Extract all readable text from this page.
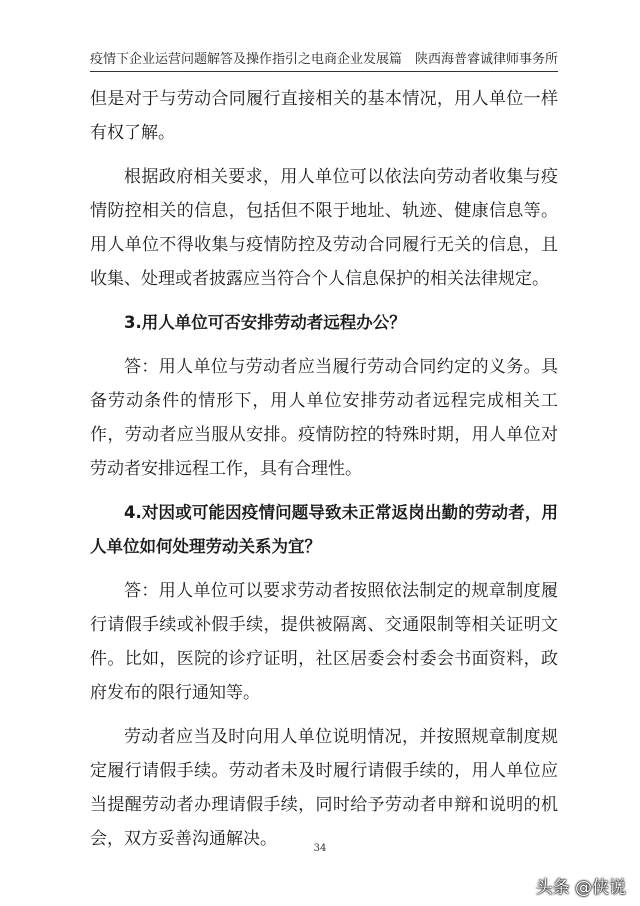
疫情下企业运营问题解答及操作指引之电商企业发展篇 陕西海普睿诚律师事务所

但是对于与劳动合同履行直接相关的基本情况，用人单位一样有权了解。

根据政府相关要求，用人单位可以依法向劳动者收集与疫情防控相关的信息，包括但不限于地址、轨迹、健康信息等。用人单位不得收集与疫情防控及劳动合同履行无关的信息，且收集、处理或者披露应当符合个人信息保护的相关法律规定。

3.用人单位可否安排劳动者远程办公？

答：用人单位与劳动者应当履行劳动合同约定的义务。具备劳动条件的情形下，用人单位安排劳动者远程完成相关工作，劳动者应当服从安排。疫情防控的特殊时期，用人单位对劳动者安排远程工作，具有合理性。

4.对因或可能因疫情问题导致未正常返岗出勤的劳动者，用人单位如何处理劳动关系为宜？

答：用人单位可以要求劳动者按照依法制定的规章制度履行请假手续或补假手续，提供被隔离、交通限制等相关证明文件。比如，医院的诊疗证明，社区居委会村委会书面资料，政府发布的限行通知等。

劳动者应当及时向用人单位说明情况，并按照规章制度规定履行请假手续。劳动者未及时履行请假手续的，用人单位应当提醒劳动者办理请假手续，同时给予劳动者申辩和说明的机会，双方妥善沟通解决。	34
头条 @侠说
